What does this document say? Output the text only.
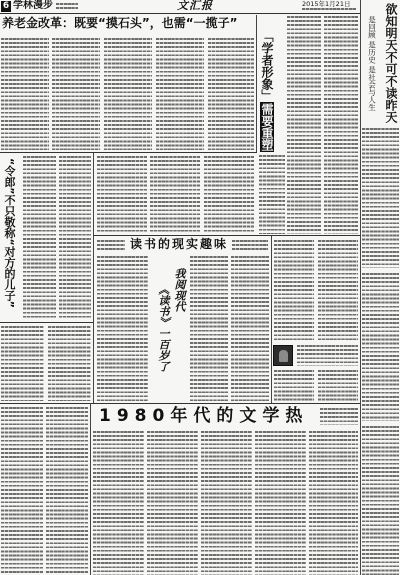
6 学林漫步	文汇报	2015年1月21日
养老金改革：既要“摸石头”，也需“一揽子”
「学者形象」需要重塑
“令郎”不只敬称“对方的儿子”	读书的现实趣味
我阅现代
《读书》一百岁了
1980年代的文学热
欲知明天不可不读昨天
是回顾 是历史 是社会与人生
